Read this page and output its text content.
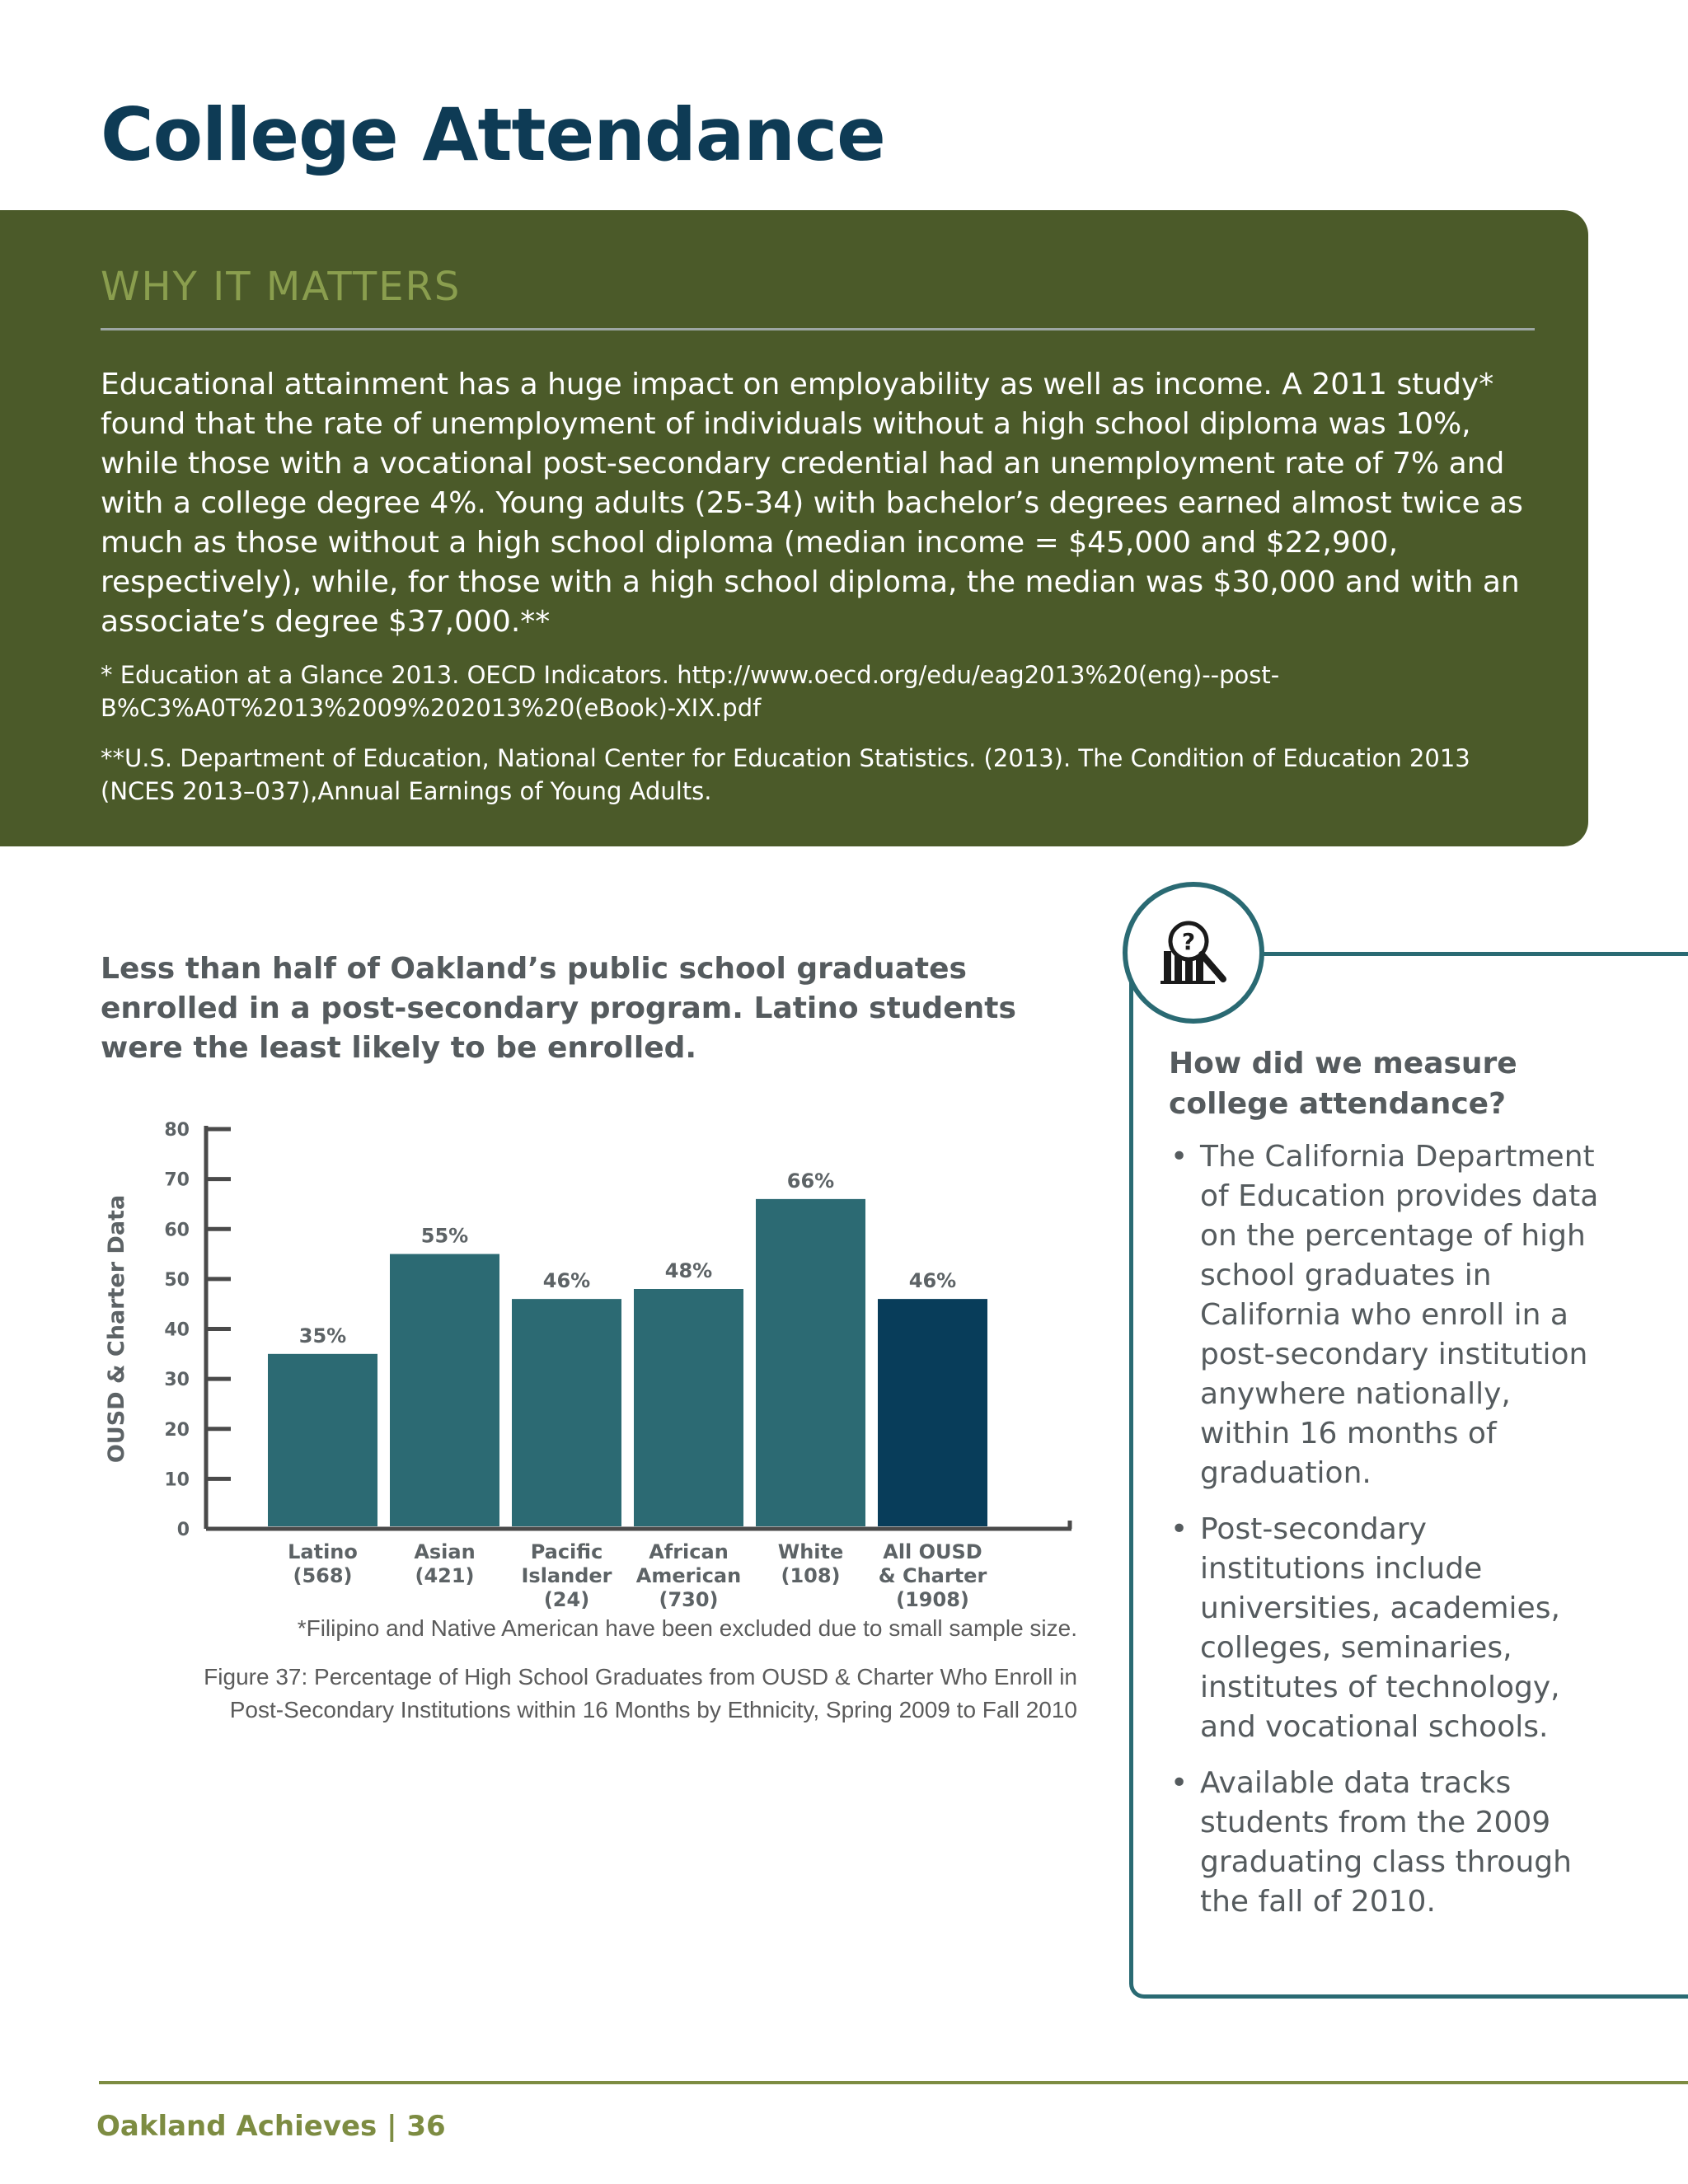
College Attendance
WHY IT MATTERS

Educational attainment has a huge impact on employability as well as income. A 2011 study* found that the rate of unemployment of individuals without a high school diploma was 10%, while those with a vocational post-secondary credential had an unemployment rate of 7% and with a college degree 4%. Young adults (25-34) with bachelor’s degrees earned almost twice as much as those without a high school diploma (median income = $45,000 and $22,900, respectively), while, for those with a high school diploma, the median was $30,000 and with an associate’s degree $37,000.**

* Education at a Glance 2013. OECD Indicators. http://www.oecd.org/edu/eag2013%20(eng)--post-B%C3%A0T%2013%2009%202013%20(eBook)-XIX.pdf

**U.S. Department of Education, National Center for Education Statistics. (2013). The Condition of Education 2013 (NCES 2013–037),Annual Earnings of Young Adults.

Less than half of Oakland’s public school graduates enrolled in a post-secondary program. Latino students were the least likely to be enrolled.

OUSD & Charter Data
0
10
20
30
40
50
60
70
80
35%
Latino
(568)
55%
Asian
(421)
46%
Pacific
Islander
(24)
48%
African
American
(730)
66%
White
(108)
46%
All OUSD
& Charter
(1908)

*Filipino and Native American have been excluded due to small sample size.

Figure 37: Percentage of High School Graduates from OUSD & Charter Who Enroll in Post-Secondary Institutions within 16 Months by Ethnicity, Spring 2009 to Fall 2010

?

How did we measure college attendance?

• The California Department of Education provides data on the percentage of high school graduates in California who enroll in a post-secondary institution anywhere nationally, within 16 months of graduation.
• Post-secondary institutions include universities, academies, colleges, seminaries, institutes of technology, and vocational schools.
• Available data tracks students from the 2009 graduating class through the fall of 2010.

Oakland Achieves | 36
